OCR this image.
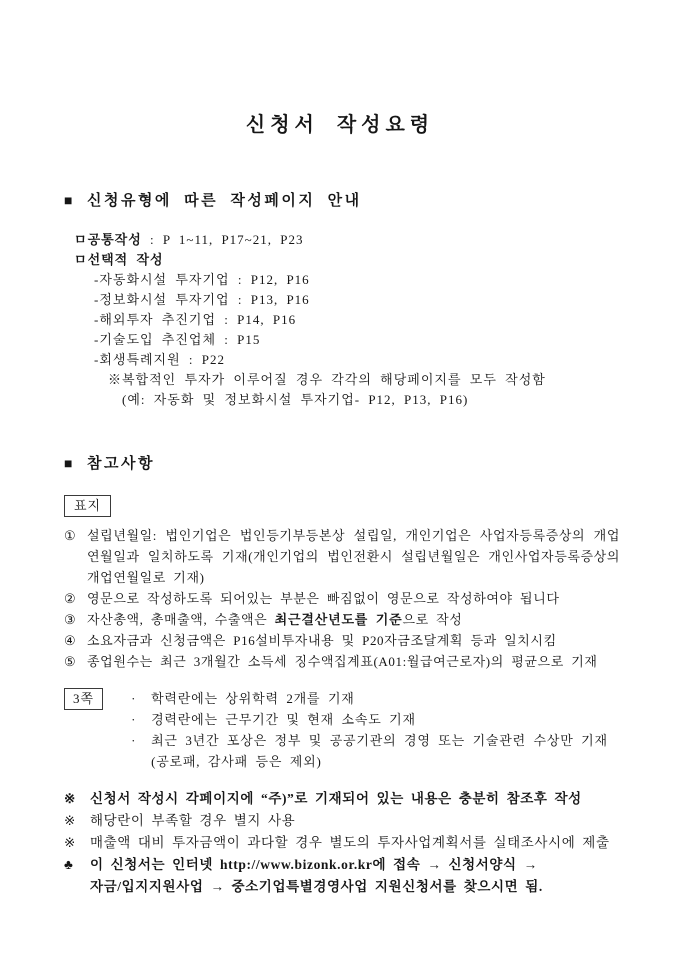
신청서 작성요령
■ 신청유형에 따른 작성페이지 안내
ㅁ공통작성 : P 1~11, P17~21, P23
ㅁ선택적 작성
-자동화시설 투자기업 : P12, P16
-정보화시설 투자기업 : P13, P16
-해외투자 추진기업 : P14, P16
-기술도입 추진업체 : P15
-회생특례지원 : P22
※복합적인 투자가 이루어질 경우 각각의 해당페이지를 모두 작성함
(예: 자동화 및 정보화시설 투자기업- P12, P13, P16)
■ 참고사항
표지
① 설립년월일: 법인기업은 법인등기부등본상 설립일, 개인기업은 사업자등록증상의 개업연월일과 일치하도록 기재(개인기업의 법인전환시 설립년월일은 개인사업자등록증상의 개업연월일로 기재)
② 영문으로 작성하도록 되어있는 부분은 빠짐없이 영문으로 작성하여야 됩니다
③ 자산총액, 총매출액, 수출액은 최근결산년도를 기준으로 작성
④ 소요자금과 신청금액은 P16설비투자내용 및 P20자금조달계획 등과 일치시킴
⑤ 종업원수는 최근 3개월간 소득세 징수액집계표(A01:월급여근로자)의 평균으로 기재
3쪽	·	학력란에는 상위학력 2개를 기재
·	경력란에는 근무기간 및 현재 소속도 기재
·	최근 3년간 포상은 정부 및 공공기관의 경영 또는 기술관련 수상만 기재
(공로패, 감사패 등은 제외)
※	신청서 작성시 각페이지에 “주)”로 기재되어 있는 내용은 충분히 참조후 작성
※	해당란이 부족할 경우 별지 사용
※	매출액 대비 투자금액이 과다할 경우 별도의 투자사업계획서를 실태조사시에 제출
♣	이 신청서는 인터넷 http://www.bizonk.or.kr에 접속 → 신청서양식 →
자금/입지지원사업 → 중소기업특별경영사업 지원신청서를 찾으시면 됨.
